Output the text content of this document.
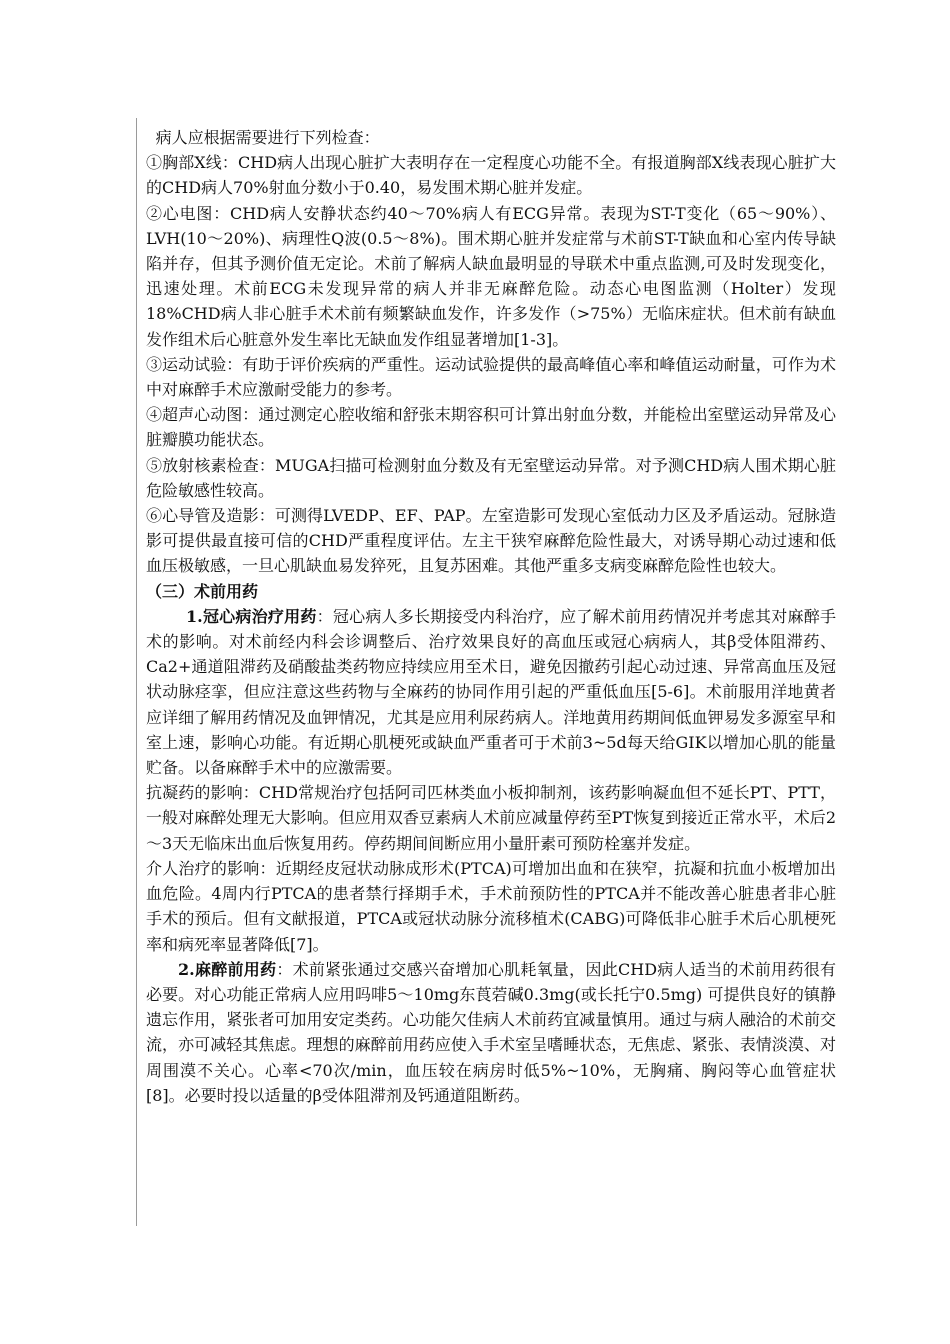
病人应根据需要进行下列检查：

①胸部X线：CHD病人出现心脏扩大表明存在一定程度心功能不全。有报道胸部X线表现心脏扩大的CHD病人70%射血分数小于0.40，易发围术期心脏并发症。

②心电图：CHD病人安静状态约40～70%病人有ECG异常。表现为ST-T变化（65～90%）、LVH(10～20%)、病理性Q波(0.5～8%)。围术期心脏并发症常与术前ST-T缺血和心室内传导缺陷并存，但其予测价值无定论。术前了解病人缺血最明显的导联术中重点监测,可及时发现变化，迅速处理。术前ECG未发现异常的病人并非无麻醉危险。动态心电图监测（Holter）发现18%CHD病人非心脏手术术前有频繁缺血发作，许多发作（>75%）无临床症状。但术前有缺血发作组术后心脏意外发生率比无缺血发作组显著增加[1-3]。

③运动试验：有助于评价疾病的严重性。运动试验提供的最高峰值心率和峰值运动耐量，可作为术中对麻醉手术应激耐受能力的参考。

④超声心动图：通过测定心腔收缩和舒张末期容积可计算出射血分数，并能检出室壁运动异常及心脏瓣膜功能状态。

⑤放射核素检查：MUGA扫描可检测射血分数及有无室壁运动异常。对予测CHD病人围术期心脏危险敏感性较高。

⑥心导管及造影：可测得LVEDP、EF、PAP。左室造影可发现心室低动力区及矛盾运动。冠脉造影可提供最直接可信的CHD严重程度评估。左主干狭窄麻醉危险性最大，对诱导期心动过速和低血压极敏感，一旦心肌缺血易发猝死，且复苏困难。其他严重多支病变麻醉危险性也较大。

（三）术前用药

1.冠心病治疗用药：冠心病人多长期接受内科治疗，应了解术前用药情况并考虑其对麻醉手术的影响。对术前经内科会诊调整后、治疗效果良好的高血压或冠心病病人，其β受体阻滞药、Ca2+通道阻滞药及硝酸盐类药物应持续应用至术日，避免因撤药引起心动过速、异常高血压及冠状动脉痉挛，但应注意这些药物与全麻药的协同作用引起的严重低血压[5-6]。术前服用洋地黄者应详细了解用药情况及血钾情况，尤其是应用利尿药病人。洋地黄用药期间低血钾易发多源室早和室上速，影响心功能。有近期心肌梗死或缺血严重者可于术前3~5d每天给GIK以增加心肌的能量贮备。以备麻醉手术中的应激需要。

抗凝药的影响：CHD常规治疗包括阿司匹林类血小板抑制剂，该药影响凝血但不延长PT、PTT，一般对麻醉处理无大影响。但应用双香豆素病人术前应减量停药至PT恢复到接近正常水平，术后2～3天无临床出血后恢复用药。停药期间间断应用小量肝素可预防栓塞并发症。

介人治疗的影响：近期经皮冠状动脉成形术(PTCA)可增加出血和在狭窄，抗凝和抗血小板增加出血危险。4周内行PTCA的患者禁行择期手术，手术前预防性的PTCA并不能改善心脏患者非心脏手术的预后。但有文献报道，PTCA或冠状动脉分流移植术(CABG)可降低非心脏手术后心肌梗死率和病死率显著降低[7]。

2.麻醉前用药：术前紧张通过交感兴奋增加心肌耗氧量，因此CHD病人适当的术前用药很有必要。对心功能正常病人应用吗啡5～10mg东莨菪碱0.3mg(或长托宁0.5mg) 可提供良好的镇静遗忘作用，紧张者可加用安定类药。心功能欠佳病人术前药宜减量慎用。通过与病人融洽的术前交流，亦可减轻其焦虑。理想的麻醉前用药应使入手术室呈嗜睡状态，无焦虑、紧张、表情淡漠、对周围漠不关心。心率<70次/min，血压较在病房时低5%~10%，无胸痛、胸闷等心血管症状[8]。必要时投以适量的β受体阻滞剂及钙通道阻断药。
